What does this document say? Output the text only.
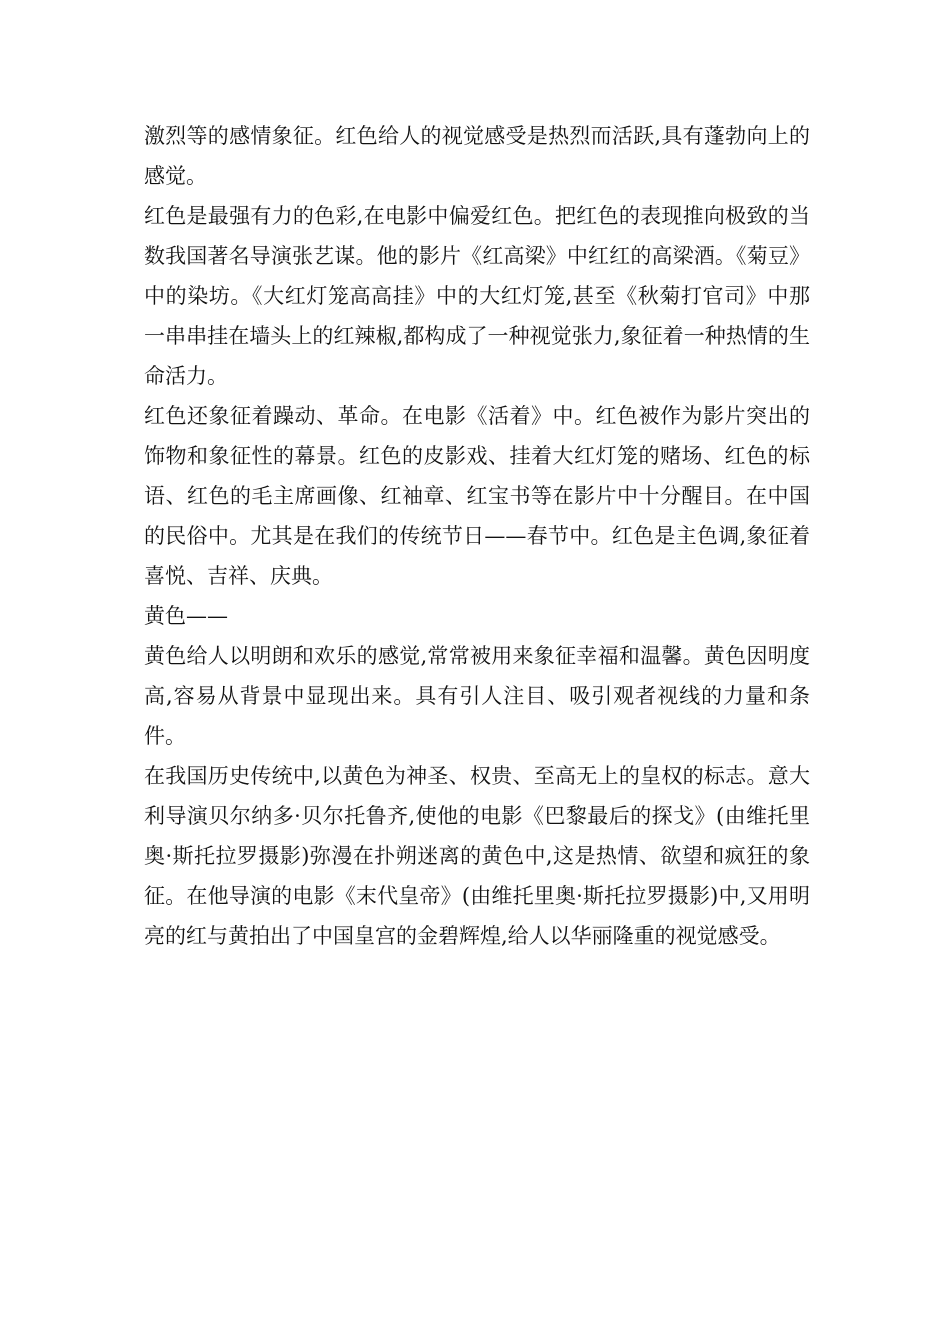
激烈等的感情象征。红色给人的视觉感受是热烈而活跃,具有蓬勃向上的感觉。

红色是最强有力的色彩,在电影中偏爱红色。把红色的表现推向极致的当数我国著名导演张艺谋。他的影片《红高梁》中红红的高梁酒。《菊豆》中的染坊。《大红灯笼高高挂》中的大红灯笼,甚至《秋菊打官司》中那一串串挂在墙头上的红辣椒,都构成了一种视觉张力,象征着一种热情的生命活力。

红色还象征着躁动、革命。在电影《活着》中。红色被作为影片突出的饰物和象征性的幕景。红色的皮影戏、挂着大红灯笼的赌场、红色的标语、红色的毛主席画像、红袖章、红宝书等在影片中十分醒目。在中国的民俗中。尤其是在我们的传统节日——春节中。红色是主色调,象征着喜悦、吉祥、庆典。

黄色——

黄色给人以明朗和欢乐的感觉,常常被用来象征幸福和温馨。黄色因明度高,容易从背景中显现出来。具有引人注目、吸引观者视线的力量和条件。

在我国历史传统中,以黄色为神圣、权贵、至高无上的皇权的标志。意大利导演贝尔纳多·贝尔托鲁齐,使他的电影《巴黎最后的探戈》(由维托里奥·斯托拉罗摄影)弥漫在扑朔迷离的黄色中,这是热情、欲望和疯狂的象征。在他导演的电影《末代皇帝》(由维托里奥·斯托拉罗摄影)中,又用明亮的红与黄拍出了中国皇宫的金碧辉煌,给人以华丽隆重的视觉感受。
